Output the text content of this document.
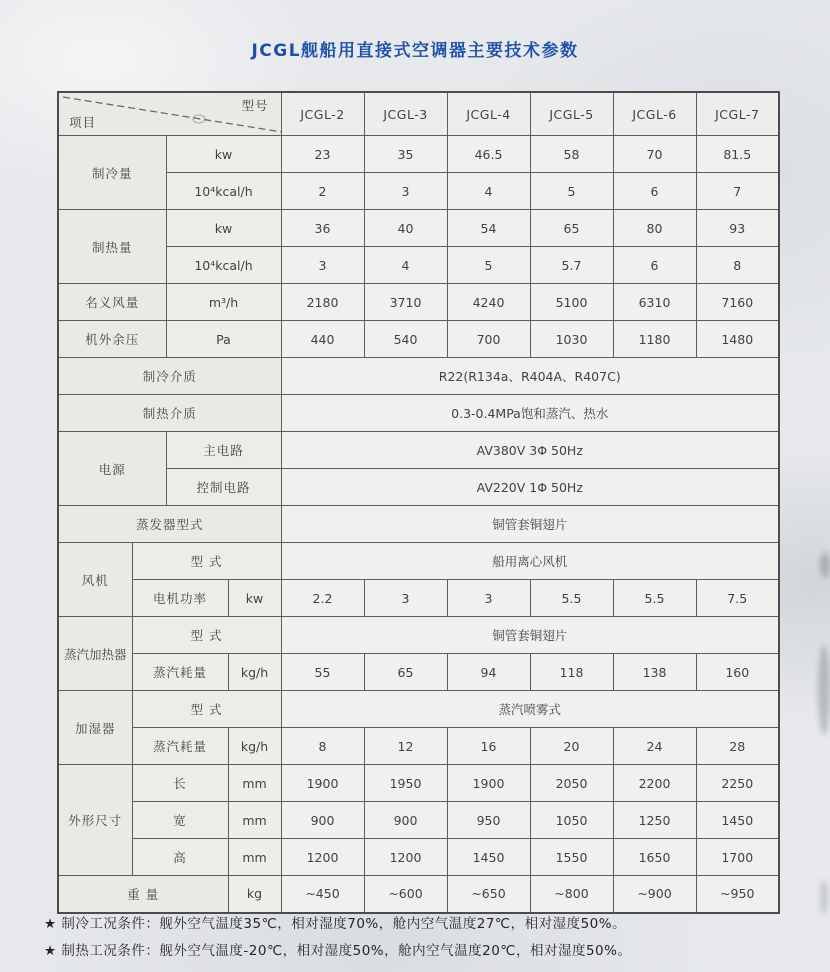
JCGL舰船用直接式空调器主要技术参数
项目
型号				JCGL-2	JCGL-3	JCGL-4	JCGL-5	JCGL-6	JCGL-7
制冷量		kw		23	35	46.5	58	70	81.5
		10⁴kcal/h		2	3	4	5	6	7
制热量		kw		36	40	54	65	80	93
		10⁴kcal/h		3	4	5	5.7	6	8
名义风量		m³/h		2180	3710	4240	5100	6310	7160
机外余压		Pa		440	540	700	1030	1180	1480
制冷介质				R22(R134a、R404A、R407C)					
制热介质				0.3-0.4MPa饱和蒸汽、热水					
电源		主电路		AV380V 3Φ 50Hz					
		控制电路		AV220V 1Φ 50Hz					
蒸发器型式				铜管套铜翅片					
风机	型 式			船用离心风机					
	电机功率		kw	2.2	3	3	5.5	5.5	7.5
蒸汽加热器	型 式			铜管套铜翅片					
	蒸汽耗量		kg/h	55	65	94	118	138	160
加湿器	型 式			蒸汽喷雾式					
	蒸汽耗量		kg/h	8	12	16	20	24	28
外形尺寸	长		mm	1900	1950	1900	2050	2200	2250
	宽		mm	900	900	950	1050	1250	1450
	高		mm	1200	1200	1450	1550	1650	1700
重 量			kg	~450	~600	~650	~800	~900	~950

★ 制冷工况条件：舰外空气温度35℃，相对湿度70%，舱内空气温度27℃，相对湿度50%。

★ 制热工况条件：舰外空气温度-20℃，相对湿度50%，舱内空气温度20℃，相对湿度50%。
